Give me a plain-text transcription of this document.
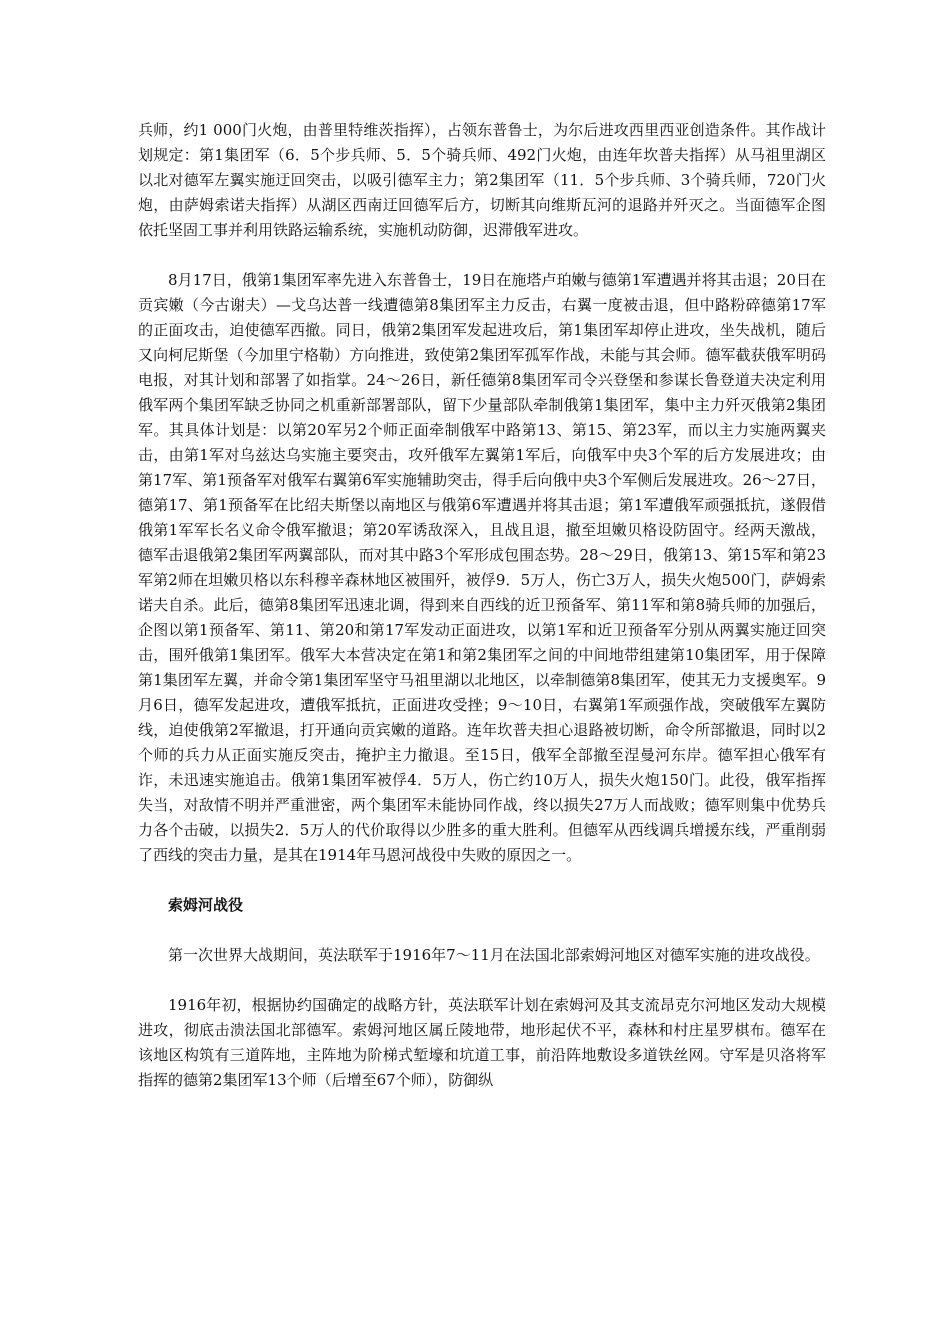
兵师，约1 000门火炮，由普里特维茨指挥），占领东普鲁士，为尔后进攻西里西亚创造条件。其作战计划规定：第1集团军（6．5个步兵师、5．5个骑兵师、492门火炮，由连年坎普夫指挥）从马祖里湖区以北对德军左翼实施迂回突击，以吸引德军主力；第2集团军（11．5个步兵师、3个骑兵师，720门火炮，由萨姆索诺夫指挥）从湖区西南迂回德军后方，切断其向维斯瓦河的退路并歼灭之。当面德军企图依托坚固工事并利用铁路运输系统，实施机动防御，迟滞俄军进攻。

8月17日，俄第1集团军率先进入东普鲁士，19日在施塔卢珀嫩与德第1军遭遇并将其击退；20日在贡宾嫩（今古谢夫）—戈乌达普一线遭德第8集团军主力反击，右翼一度被击退，但中路粉碎德第17军的正面攻击，迫使德军西撤。同日，俄第2集团军发起进攻后，第1集团军却停止进攻，坐失战机，随后又向柯尼斯堡（今加里宁格勒）方向推进，致使第2集团军孤军作战，未能与其会师。德军截获俄军明码电报，对其计划和部署了如指掌。24～26日，新任德第8集团军司令兴登堡和参谋长鲁登道夫决定利用俄军两个集团军缺乏协同之机重新部署部队，留下少量部队牵制俄第1集团军，集中主力歼灭俄第2集团军。其具体计划是：以第20军另2个师正面牵制俄军中路第13、第15、第23军，而以主力实施两翼夹击，由第1军对乌兹达乌实施主要突击，攻歼俄军左翼第1军后，向俄军中央3个军的后方发展进攻；由第17军、第1预备军对俄军右翼第6军实施辅助突击，得手后向俄中央3个军侧后发展进攻。26～27日，德第17、第1预备军在比绍夫斯堡以南地区与俄第6军遭遇并将其击退；第1军遭俄军顽强抵抗，遂假借俄第1军军长名义命令俄军撤退；第20军诱敌深入，且战且退，撤至坦嫩贝格设防固守。经两天激战，德军击退俄第2集团军两翼部队，而对其中路3个军形成包围态势。28～29日，俄第13、第15军和第23军第2师在坦嫩贝格以东科穆辛森林地区被围歼，被俘9．5万人，伤亡3万人，损失火炮500门，萨姆索诺夫自杀。此后，德第8集团军迅速北调，得到来自西线的近卫预备军、第11军和第8骑兵师的加强后，企图以第1预备军、第11、第20和第17军发动正面进攻，以第1军和近卫预备军分别从两翼实施迂回突击，围歼俄第1集团军。俄军大本营决定在第1和第2集团军之间的中间地带组建第10集团军，用于保障第1集团军左翼，并命令第1集团军坚守马祖里湖以北地区，以牵制德第8集团军，使其无力支援奥军。9月6日，德军发起进攻，遭俄军抵抗，正面进攻受挫；9～10日，右翼第1军顽强作战，突破俄军左翼防线，迫使俄第2军撤退，打开通向贡宾嫩的道路。连年坎普夫担心退路被切断，命令所部撤退，同时以2个师的兵力从正面实施反突击，掩护主力撤退。至15日，俄军全部撤至涅曼河东岸。德军担心俄军有诈，未迅速实施追击。俄第1集团军被俘4．5万人，伤亡约10万人，损失火炮150门。此役，俄军指挥失当，对敌情不明并严重泄密，两个集团军未能协同作战，终以损失27万人而战败；德军则集中优势兵力各个击破，以损失2．5万人的代价取得以少胜多的重大胜利。但德军从西线调兵增援东线，严重削弱了西线的突击力量，是其在1914年马恩河战役中失败的原因之一。

索姆河战役

第一次世界大战期间，英法联军于1916年7～11月在法国北部索姆河地区对德军实施的进攻战役。

1916年初，根据协约国确定的战略方针，英法联军计划在索姆河及其支流昂克尔河地区发动大规模进攻，彻底击溃法国北部德军。索姆河地区属丘陵地带，地形起伏不平，森林和村庄星罗棋布。德军在该地区构筑有三道阵地，主阵地为阶梯式堑壕和坑道工事，前沿阵地敷设多道铁丝网。守军是贝洛将军指挥的德第2集团军13个师（后增至67个师），防御纵
